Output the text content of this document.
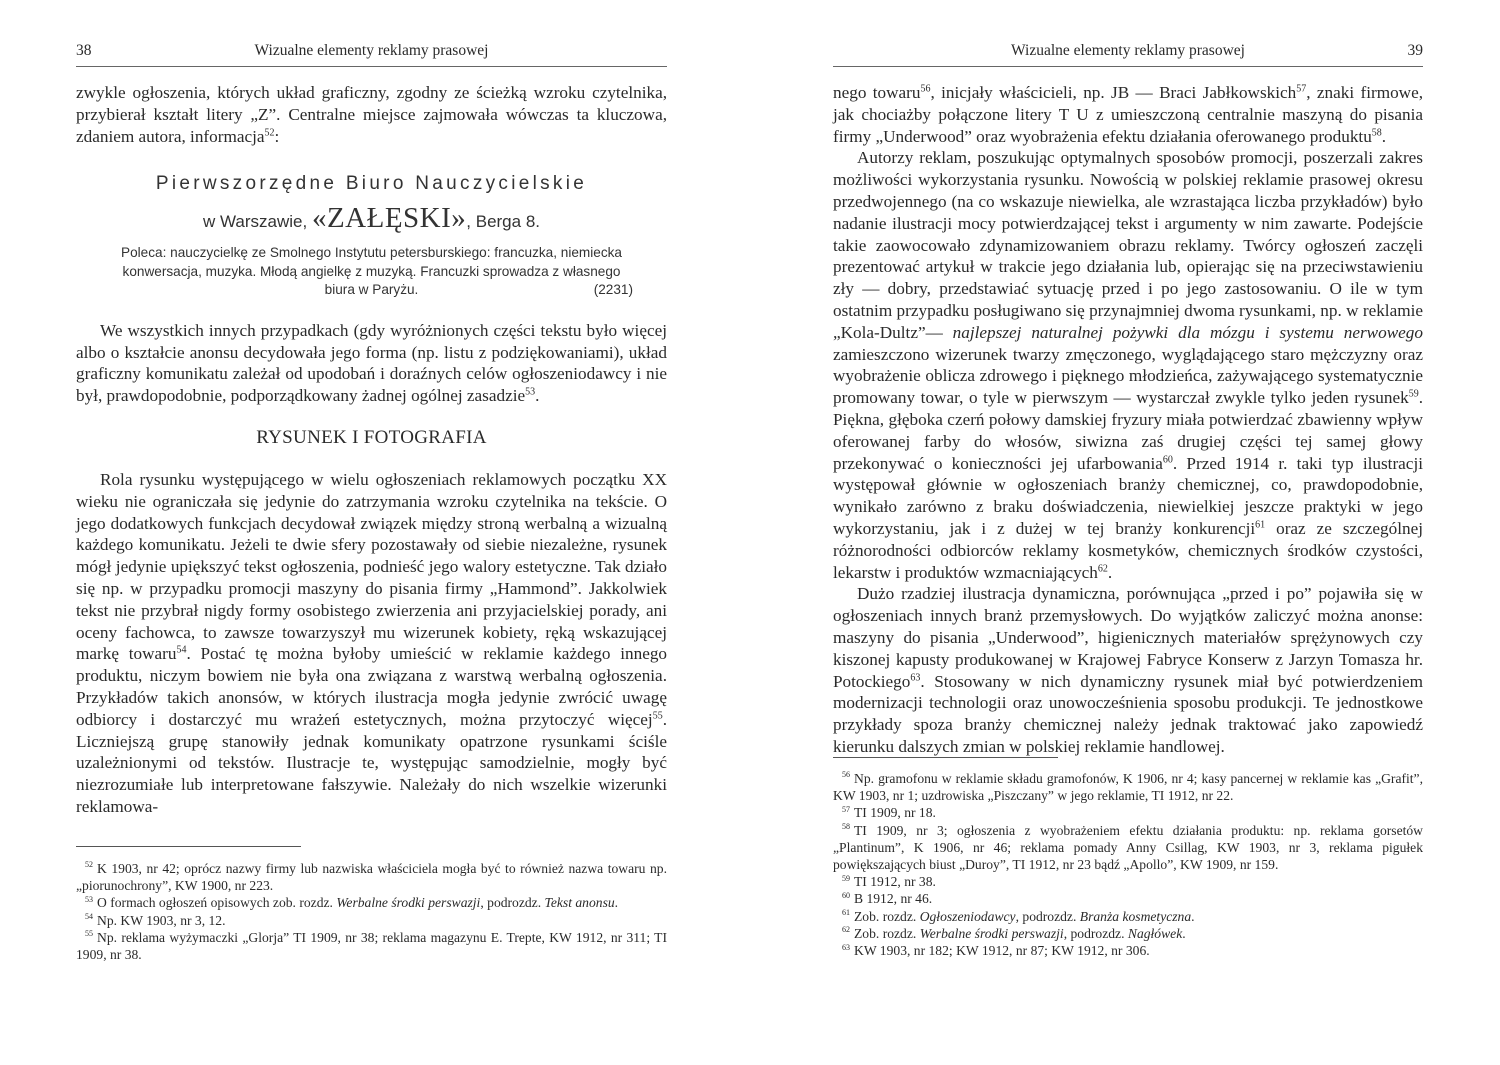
38	Wizualne elementy reklamy prasowej

zwykle ogłoszenia, których układ graficzny, zgodny ze ścieżką wzroku czytelnika, przybierał kształt litery „Z”. Centralne miejsce zajmowała wówczas ta kluczowa, zdaniem autora, informacja$^{52}$:

Pierwszorzędne Biuro Nauczycielskie
w Warszawie, «ZAŁĘSKI», Berga 8.
Poleca: nauczycielkę ze Smolnego Instytutu petersburskiego: francuzka, niemiecka
konwersacja, muzyka. Młodą angielkę z muzyką. Francuzki sprowadza z własnego
biura w Paryżu.	(2231)

We wszystkich innych przypadkach (gdy wyróżnionych części tekstu było więcej albo o kształcie anonsu decydowała jego forma (np. listu z podziękowaniami), układ graficzny komunikatu zależał od upodobań i doraźnych celów ogłoszeniodawcy i nie był, prawdopodobnie, podporządkowany żadnej ogólnej zasadzie$^{53}$.

RYSUNEK I FOTOGRAFIA

Rola rysunku występującego w wielu ogłoszeniach reklamowych początku XX wieku nie ograniczała się jedynie do zatrzymania wzroku czytelnika na tekście. O jego dodatkowych funkcjach decydował związek między stroną werbalną a wizualną każdego komunikatu. Jeżeli te dwie sfery pozostawały od siebie niezależne, rysunek mógł jedynie upiększyć tekst ogłoszenia, podnieść jego walory estetyczne. Tak działo się np. w przypadku promocji maszyny do pisania firmy „Hammond”. Jakkolwiek tekst nie przybrał nigdy formy osobistego zwierzenia ani przyjacielskiej porady, ani oceny fachowca, to zawsze towarzyszył mu wizerunek kobiety, ręką wskazującej markę towaru$^{54}$. Postać tę można byłoby umieścić w reklamie każdego innego produktu, niczym bowiem nie była ona związana z warstwą werbalną ogłoszenia. Przykładów takich anonsów, w których ilustracja mogła jedynie zwrócić uwagę odbiorcy i dostarczyć mu wrażeń estetycznych, można przytoczyć więcej$^{55}$. Liczniejszą grupę stanowiły jednak komunikaty opatrzone rysunkami ściśle uzależnionymi od tekstów. Ilustracje te, występując samodzielnie, mogły być niezrozumiałe lub interpretowane fałszywie. Należały do nich wszelkie wizerunki reklamowa-

$^{52}$ K 1903, nr 42; oprócz nazwy firmy lub nazwiska właściciela mogła być to również nazwa towaru np. „piorunochrony”, KW 1900, nr 223.

$^{53}$ O formach ogłoszeń opisowych zob. rozdz. Werbalne środki perswazji, podrozdz. Tekst anonsu.

$^{54}$ Np. KW 1903, nr 3, 12.

$^{55}$ Np. reklama wyżymaczki „Glorja” TI 1909, nr 38; reklama magazynu E. Trepte, KW 1912, nr 311; TI 1909, nr 38.

Wizualne elementy reklamy prasowej	39

nego towaru$^{56}$, inicjały właścicieli, np. JB — Braci Jabłkowskich$^{57}$, znaki firmowe, jak chociażby połączone litery T U z umieszczoną centralnie maszyną do pisania firmy „Underwood” oraz wyobrażenia efektu działania oferowanego produktu$^{58}$.

Autorzy reklam, poszukując optymalnych sposobów promocji, poszerzali zakres możliwości wykorzystania rysunku. Nowością w polskiej reklamie prasowej okresu przedwojennego (na co wskazuje niewielka, ale wzrastająca liczba przykładów) było nadanie ilustracji mocy potwierdzającej tekst i argumenty w nim zawarte. Podejście takie zaowocowało zdynamizowaniem obrazu reklamy. Twórcy ogłoszeń zaczęli prezentować artykuł w trakcie jego działania lub, opierając się na przeciwstawieniu zły — dobry, przedstawiać sytuację przed i po jego zastosowaniu. O ile w tym ostatnim przypadku posługiwano się przynajmniej dwoma rysunkami, np. w reklamie „Kola-Dultz”— najlepszej naturalnej pożywki dla mózgu i systemu nerwowego zamieszczono wizerunek twarzy zmęczonego, wyglądającego staro mężczyzny oraz wyobrażenie oblicza zdrowego i pięknego młodzieńca, zażywającego systematycznie promowany towar, o tyle w pierwszym — wystarczał zwykle tylko jeden rysunek$^{59}$. Piękna, głęboka czerń połowy damskiej fryzury miała potwierdzać zbawienny wpływ oferowanej farby do włosów, siwizna zaś drugiej części tej samej głowy przekonywać o konieczności jej ufarbowania$^{60}$. Przed 1914 r. taki typ ilustracji występował głównie w ogłoszeniach branży chemicznej, co, prawdopodobnie, wynikało zarówno z braku doświadczenia, niewielkiej jeszcze praktyki w jego wykorzystaniu, jak i z dużej w tej branży konkurencji$^{61}$ oraz ze szczególnej różnorodności odbiorców reklamy kosmetyków, chemicznych środków czystości, lekarstw i produktów wzmacniających$^{62}$.

Dużo rzadziej ilustracja dynamiczna, porównująca „przed i po” pojawiła się w ogłoszeniach innych branż przemysłowych. Do wyjątków zaliczyć można anonse: maszyny do pisania „Underwood”, higienicznych materiałów sprężynowych czy kiszonej kapusty produkowanej w Krajowej Fabryce Konserw z Jarzyn Tomasza hr. Potockiego$^{63}$. Stosowany w nich dynamiczny rysunek miał być potwierdzeniem modernizacji technologii oraz unowocześnienia sposobu produkcji. Te jednostkowe przykłady spoza branży chemicznej należy jednak traktować jako zapowiedź kierunku dalszych zmian w polskiej reklamie handlowej.

$^{56}$ Np. gramofonu w reklamie składu gramofonów, K 1906, nr 4; kasy pancernej w reklamie kas „Grafit”, KW 1903, nr 1; uzdrowiska „Piszczany” w jego reklamie, TI 1912, nr 22.

$^{57}$ TI 1909, nr 18.

$^{58}$ TI 1909, nr 3; ogłoszenia z wyobrażeniem efektu działania produktu: np. reklama gorsetów „Plantinum”, K 1906, nr 46; reklama pomady Anny Csillag, KW 1903, nr 3, reklama pigułek powiększających biust „Duroy”, TI 1912, nr 23 bądź „Apollo”, KW 1909, nr 159.

$^{59}$ TI 1912, nr 38.

$^{60}$ B 1912, nr 46.

$^{61}$ Zob. rozdz. Ogłoszeniodawcy, podrozdz. Branża kosmetyczna.

$^{62}$ Zob. rozdz. Werbalne środki perswazji, podrozdz. Nagłówek.

$^{63}$ KW 1903, nr 182; KW 1912, nr 87; KW 1912, nr 306.
